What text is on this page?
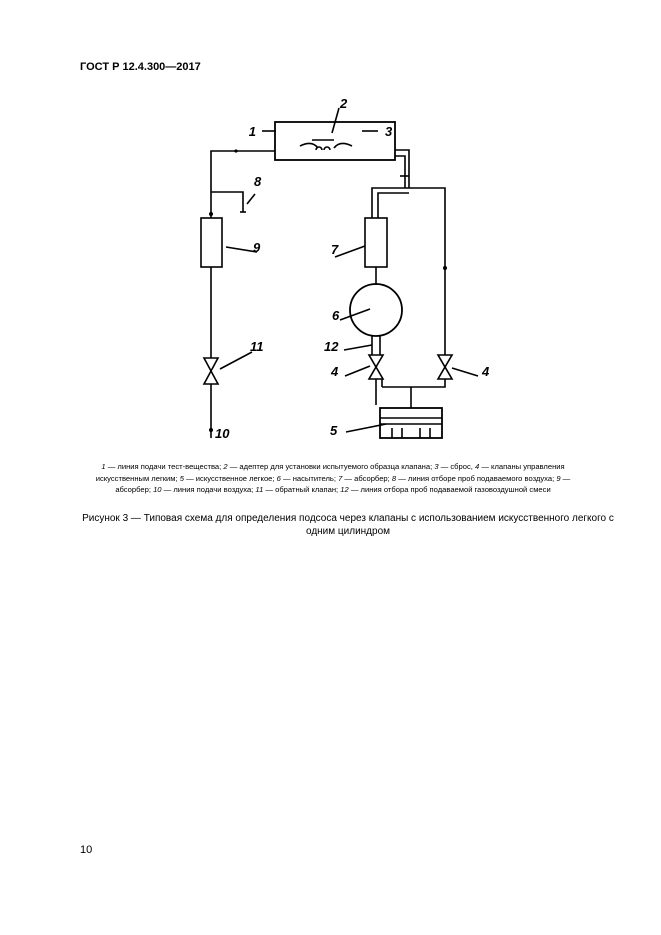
ГОСТ Р 12.4.300—2017
1
2
3
8
9	7
6
12
11
4	4
5
10
1 — линия подачи тест-вещества; 2 — адептер для установки испытуемого образца клапана; 3 — сброс, 4 — клапаны управления искусственным легким; 5 — искусственное легкое; 6 — насытитель; 7 — абсорбер; 8 — линия отборе проб подаваемого воздуха; 9 — абсорбер; 10 — линия подачи воздуха; 11 — обратный клапан; 12 — линия отбора проб подаваемой газовоздушной смеси
Рисунок 3 — Типовая схема для определения подсоса через клапаны с использованием искусственного легкого с одним цилиндром
10
